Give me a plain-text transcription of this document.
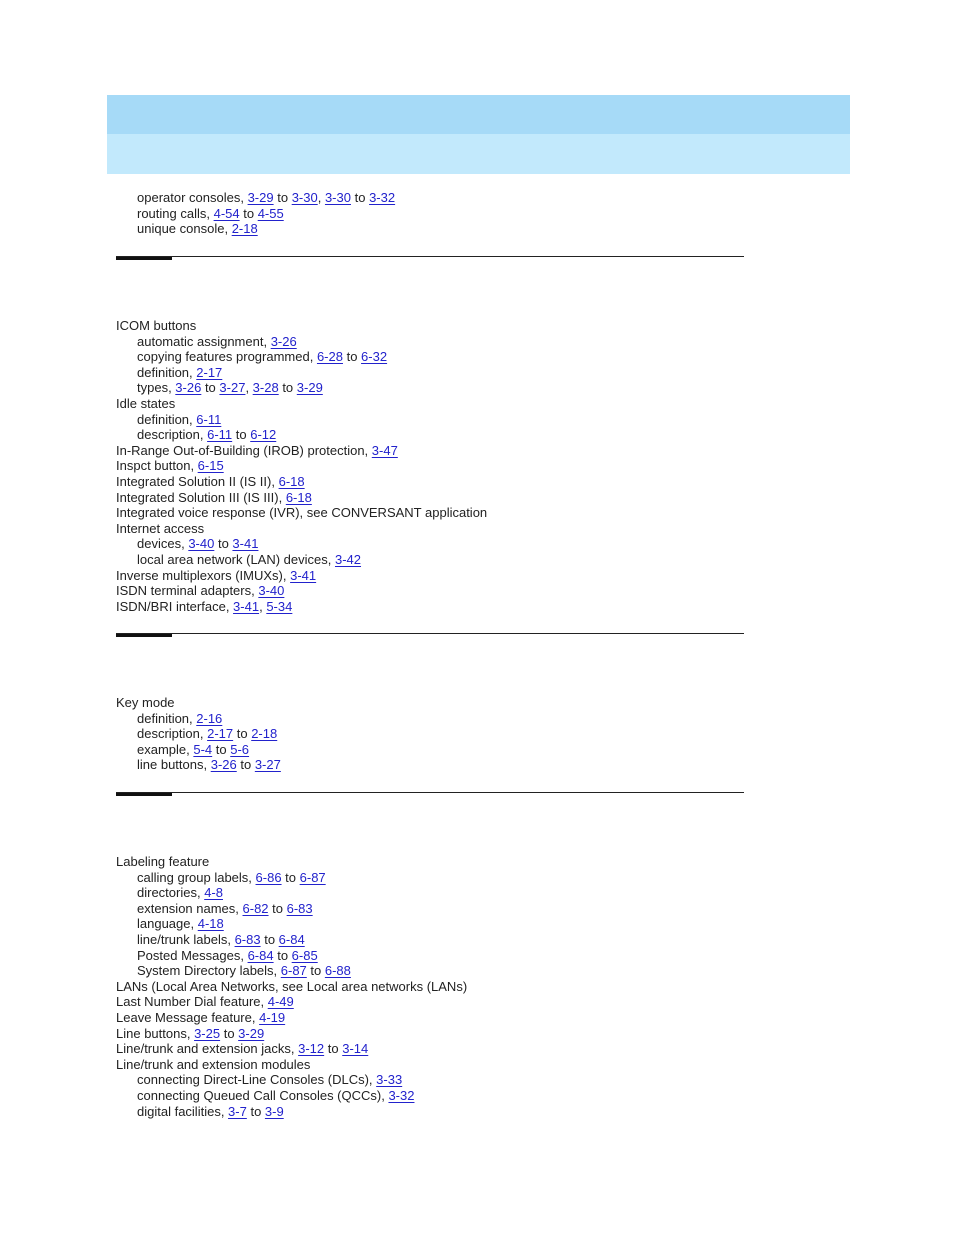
operator consoles, 3-29 to 3-30, 3-30 to 3-32
routing calls, 4-54 to 4-55
unique console, 2-18
ICOM buttons
automatic assignment, 3-26
copying features programmed, 6-28 to 6-32
definition, 2-17
types, 3-26 to 3-27, 3-28 to 3-29
Idle states
definition, 6-11
description, 6-11 to 6-12
In-Range Out-of-Building (IROB) protection, 3-47
Inspct button, 6-15
Integrated Solution II (IS II), 6-18
Integrated Solution III (IS III), 6-18
Integrated voice response (IVR), see CONVERSANT application
Internet access
devices, 3-40 to 3-41
local area network (LAN) devices, 3-42
Inverse multiplexors (IMUXs), 3-41
ISDN terminal adapters, 3-40
ISDN/BRI interface, 3-41, 5-34
Key mode
definition, 2-16
description, 2-17 to 2-18
example, 5-4 to 5-6
line buttons, 3-26 to 3-27
Labeling feature
calling group labels, 6-86 to 6-87
directories, 4-8
extension names, 6-82 to 6-83
language, 4-18
line/trunk labels, 6-83 to 6-84
Posted Messages, 6-84 to 6-85
System Directory labels, 6-87 to 6-88
LANs (Local Area Networks, see Local area networks (LANs)
Last Number Dial feature, 4-49
Leave Message feature, 4-19
Line buttons, 3-25 to 3-29
Line/trunk and extension jacks, 3-12 to 3-14
Line/trunk and extension modules
connecting Direct-Line Consoles (DLCs), 3-33
connecting Queued Call Consoles (QCCs), 3-32
digital facilities, 3-7 to 3-9
